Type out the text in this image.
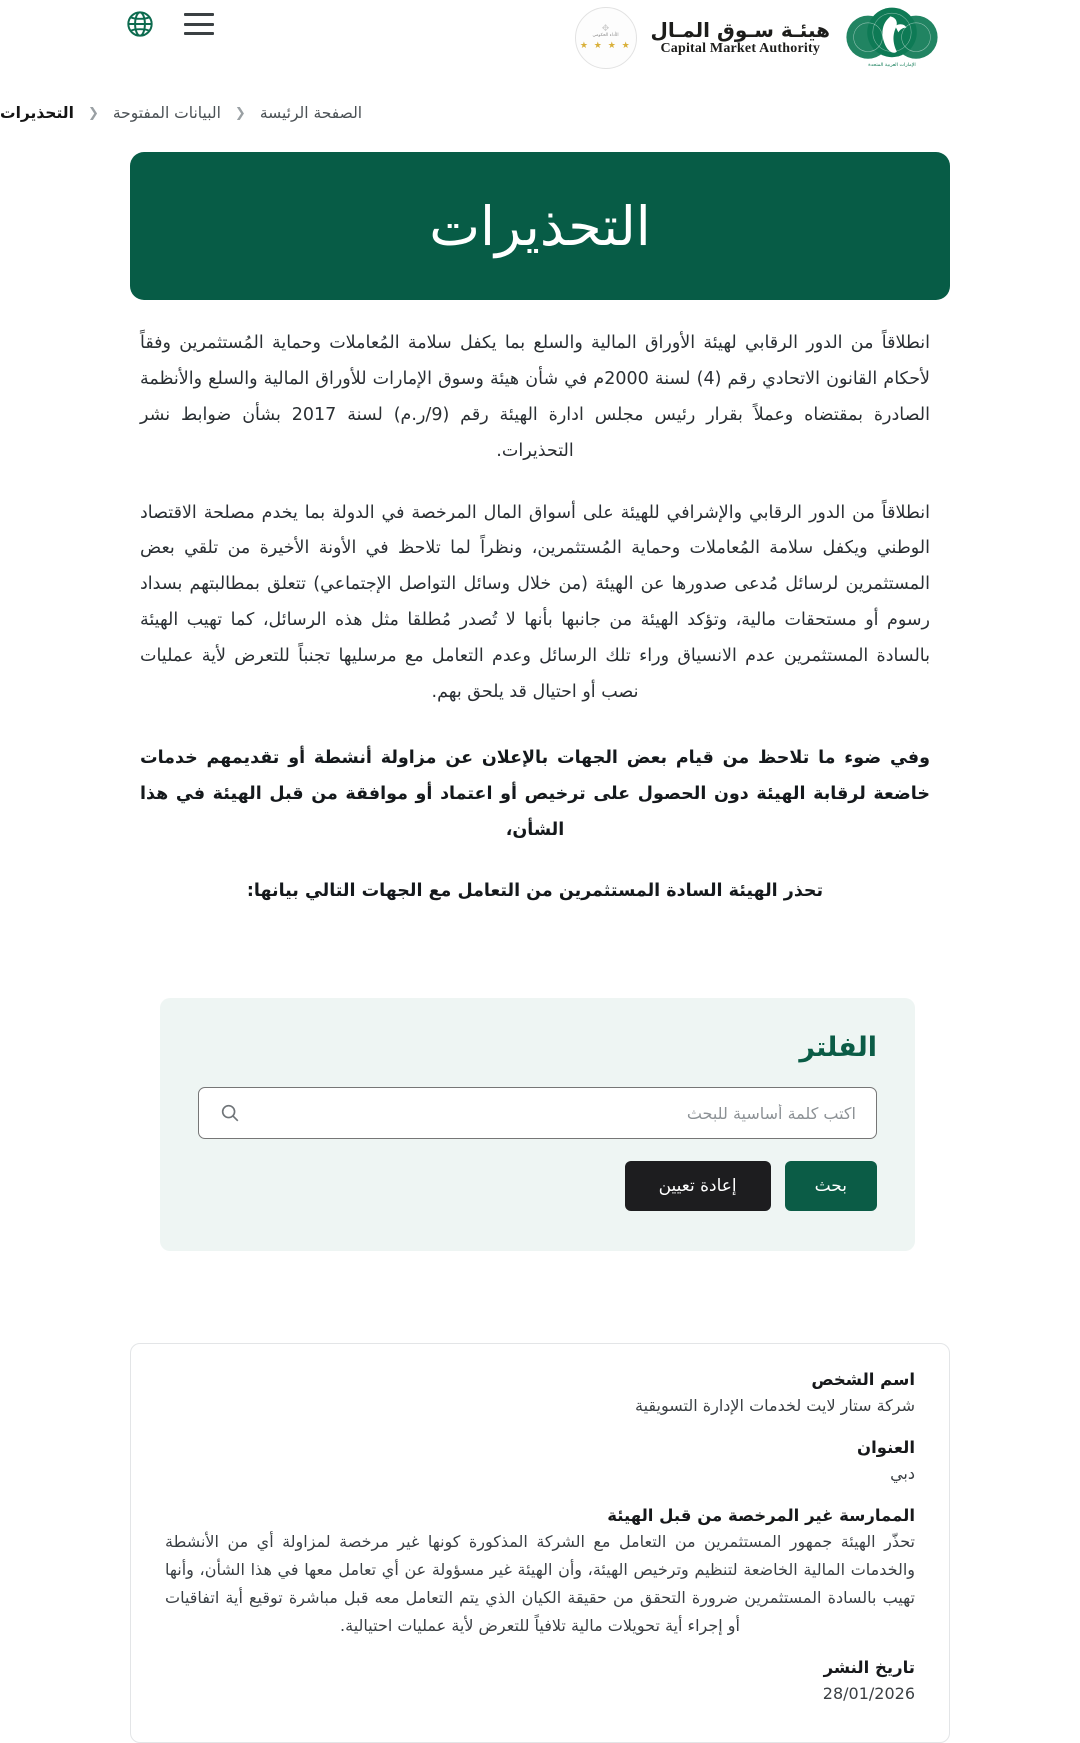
الإمارات العربية المتحدة
هيئـة سـوق المـال
Capital Market Authority
✥
الأداء الحكومي
★ ★ ★ ★
الصفحة الرئيسة
❮
البيانات المفتوحة
❮
التحذيرات
التحذيرات

انطلاقاً من الدور الرقابي لهيئة الأوراق المالية والسلع بما يكفل سلامة المُعاملات وحماية المُستثمرين وفقاً لأحكام القانون الاتحادي رقم (4) لسنة 2000م في شأن هيئة وسوق الإمارات للأوراق المالية والسلع والأنظمة الصادرة بمقتضاه وعملاً بقرار رئيس مجلس ادارة الهيئة رقم (9/ر.م) لسنة 2017 بشأن ضوابط نشر التحذيرات.

انطلاقاً من الدور الرقابي والإشرافي للهيئة على أسواق المال المرخصة في الدولة بما يخدم مصلحة الاقتصاد الوطني ويكفل سلامة المُعاملات وحماية المُستثمرين، ونظراً لما تلاحظ في الأونة الأخيرة من تلقي بعض المستثمرين لرسائل مُدعى صدورها عن الهيئة (من خلال وسائل التواصل الإجتماعي) تتعلق بمطالبتهم بسداد رسوم أو مستحقات مالية، وتؤكد الهيئة من جانبها بأنها لا تُصدر مُطلقا مثل هذه الرسائل، كما تهيب الهيئة بالسادة المستثمرين عدم الانسياق وراء تلك الرسائل وعدم التعامل مع مرسليها تجنباً للتعرض لأية عمليات نصب أو احتيال قد يلحق بهم.

وفي ضوء ما تلاحظ من قيام بعض الجهات بالإعلان عن مزاولة أنشطة أو تقديمهم خدمات خاضعة لرقابة الهيئة دون الحصول على ترخيص أو اعتماد أو موافقة من قبل الهيئة في هذا الشأن،

تحذر الهيئة السادة المستثمرين من التعامل مع الجهات التالي بيانها:

الفلتر
اكتب كلمة أساسية للبحث
بحث
إعادة تعيين
اسم الشخص
شركة ستار لايت لخدمات الإدارة التسويقية
العنوان
دبي
الممارسة غير المرخصة من قبل الهيئة
تحذّر الهيئة جمهور المستثمرين من التعامل مع الشركة المذكورة كونها غير مرخصة لمزاولة أي من الأنشطة والخدمات المالية الخاضعة لتنظيم وترخيص الهيئة، وأن الهيئة غير مسؤولة عن أي تعامل معها في هذا الشأن، وأنها تهيب بالسادة المستثمرين ضرورة التحقق من حقيقة الكيان الذي يتم التعامل معه قبل مباشرة توقيع أية اتفاقيات أو إجراء أية تحويلات مالية تلافياً للتعرض لأية عمليات احتيالية.
تاريخ النشر
28/01/2026
